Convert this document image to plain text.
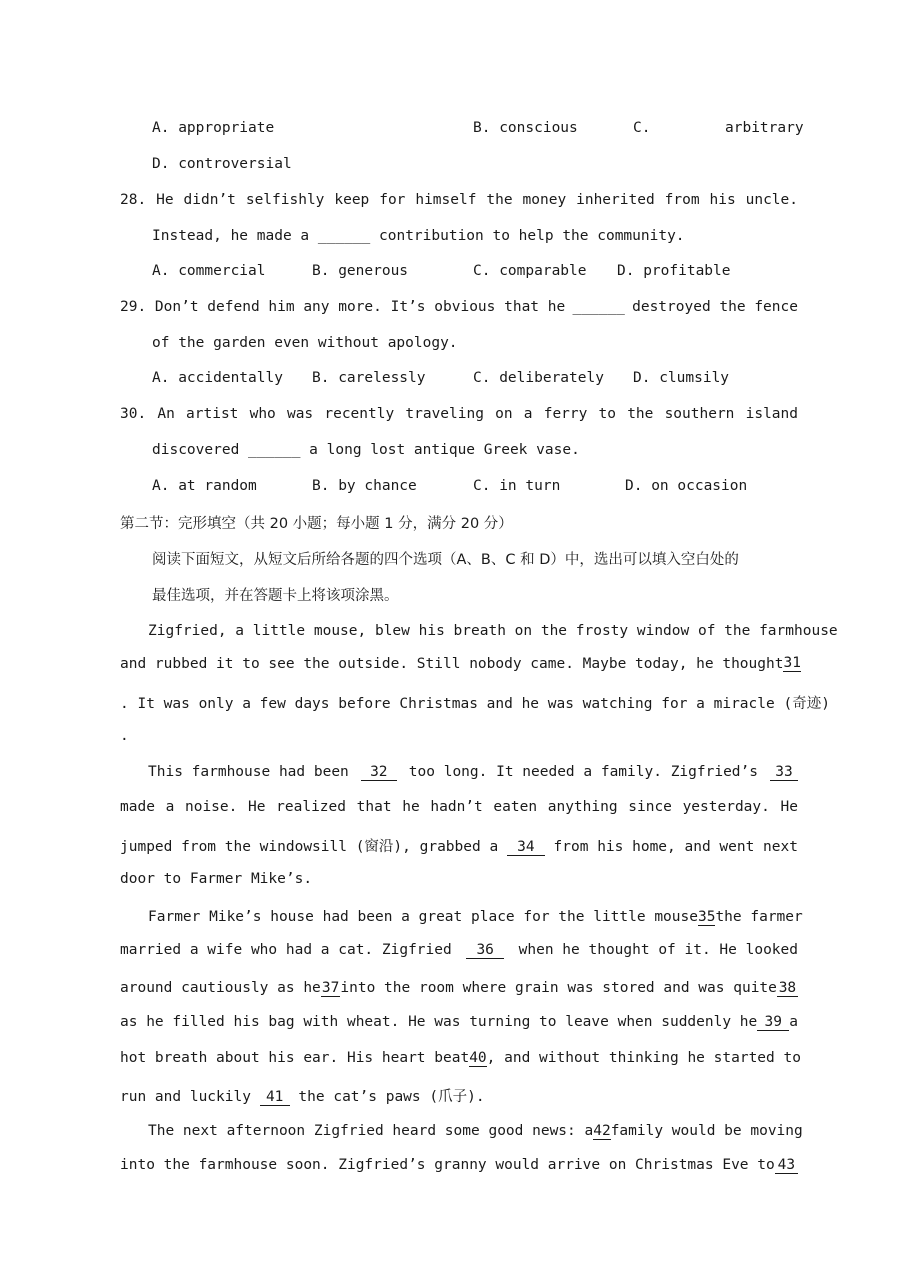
A. appropriate	B. conscious	C.	arbitrary
D. controversial
28. He didn’t selfishly keep for himself the money inherited from his uncle.
Instead, he made a ______ contribution to help the community.
A. commercial	B. generous	C. comparable D. profitable
29. Don’t defend him any more. It’s obvious that he ______ destroyed the fence
of the garden even without apology.
A. accidentally B. carelessly	C. deliberately D. clumsily
30. An artist who was recently traveling on a ferry to the southern island
discovered ______ a long lost antique Greek vase.
A. at random	B. by chance	C. in turn	D. on occasion
第二节：完形填空（共 20 小题；每小题 1 分，满分 20 分）
阅读下面短文，从短文后所给各题的四个选项（A、B、C 和 D）中，选出可以填入空白处的
最佳选项，并在答题卡上将该项涂黑。
Zigfried, a little mouse, blew his breath on the frosty window of the farmhouse
and rubbed it to see the outside. Still nobody came. Maybe today, he thought 31
. It was only a few days before Christmas and he was watching for a miracle (奇迹)
.
This farmhouse had been	32	too long. It needed a family. Zigfried’s	33
made a noise. He realized that he hadn’t eaten anything since yesterday. He
jumped from the windowsill (窗沿), grabbed a	34	from his home, and went next
door to Farmer Mike’s.
Farmer Mike’s house had been a great place for the little mouse 35 the farmer
married a wife who had a cat. Zigfried	36	when he thought of it. He looked
around cautiously as he 37 into the room where grain was stored and was quite 38
as he filled his bag with wheat. He was turning to leave when suddenly he 39 a
hot breath about his ear. His heart beat 40 , and without thinking he started to
run and luckily 41 the cat’s paws (爪子).
The next afternoon Zigfried heard some good news: a 42 family would be moving
into the farmhouse soon. Zigfried’s granny would arrive on Christmas Eve to 43
